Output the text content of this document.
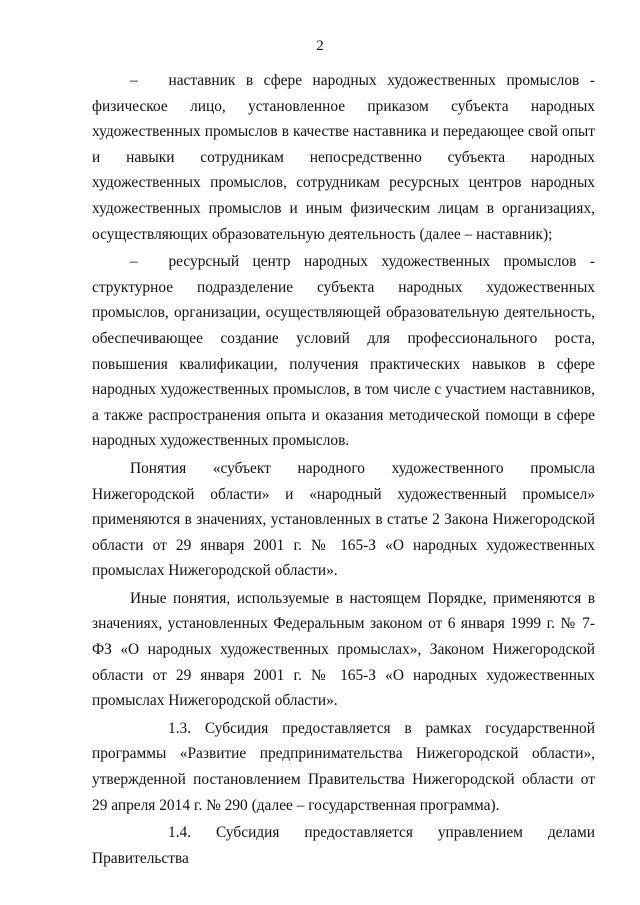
2

–  наставник в сфере народных художественных промыслов - физическое лицо, установленное приказом субъекта народных художественных промыслов в качестве наставника и передающее свой опыт и навыки сотрудникам непосредственно субъекта народных художественных промыслов, сотрудникам ресурсных центров народных художественных промыслов и иным физическим лицам в организациях, осуществляющих образовательную деятельность (далее – наставник);

–  ресурсный центр народных художественных промыслов - структурное подразделение субъекта народных художественных промыслов, организации, осуществляющей образовательную деятельность, обеспечивающее создание условий для профессионального роста, повышения квалификации, получения практических навыков в сфере народных художественных промыслов, в том числе с участием наставников, а также распространения опыта и оказания методической помощи в сфере народных художественных промыслов.

Понятия «субъект народного художественного промысла Нижегородской области» и «народный художественный промысел» применяются в значениях, установленных в статье 2 Закона Нижегородской области от 29 января 2001 г. № 165-З «О народных художественных промыслах Нижегородской области».

Иные понятия, используемые в настоящем Порядке, применяются в значениях, установленных Федеральным законом от 6 января 1999 г. № 7-ФЗ «О народных художественных промыслах», Законом Нижегородской области от 29 января 2001 г. № 165-З «О народных художественных промыслах Нижегородской области».

1.3. Субсидия предоставляется в рамках государственной программы «Развитие предпринимательства Нижегородской области», утвержденной постановлением Правительства Нижегородской области от 29 апреля 2014 г. № 290 (далее – государственная программа).

1.4. Субсидия предоставляется управлением делами Правительства
